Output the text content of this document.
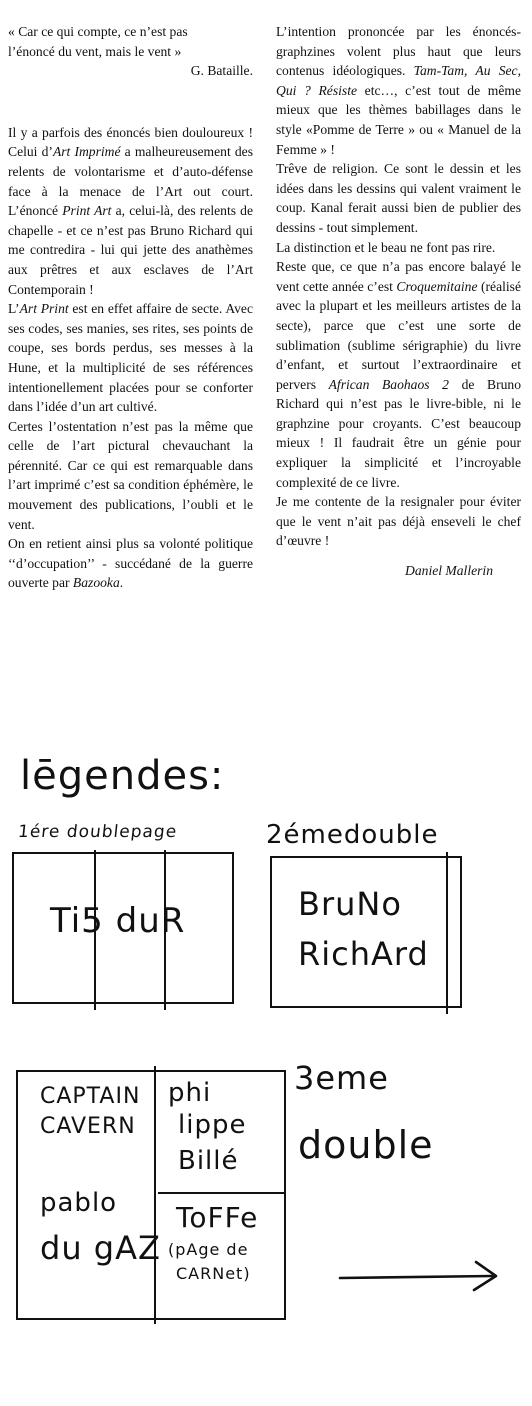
« Car ce qui compte, ce n’est pas

l’énoncé du vent, mais le vent »

G. Bataille.

Il y a parfois des énoncés bien douloureux ! Celui d’Art Imprimé a malheureusement des relents de volontarisme et d’auto-défense face à la menace de l’Art out court. L’énoncé Print Art a, celui-là, des relents de chapelle - et ce n’est pas Bruno Richard qui me contredira - lui qui jette des anathèmes aux prêtres et aux esclaves de l’Art Contemporain !

L’Art Print est en effet affaire de secte. Avec ses codes, ses manies, ses rites, ses points de coupe, ses bords perdus, ses messes à la Hune, et la multiplicité de ses références intentionellement placées pour se conforter dans l’idée d’un art cultivé.

Certes l’ostentation n’est pas la même que celle de l’art pictural chevauchant la pérennité. Car ce qui est remarquable dans l’art imprimé c’est sa condition éphémère, le mouvement des publications, l’oubli et le vent.

On en retient ainsi plus sa volonté politique ‘‘d’occupation’’ - succédané de la guerre ouverte par Bazooka.

L’intention prononcée par les énoncés-graphzines volent plus haut que leurs contenus idéologiques. Tam-Tam, Au Sec, Qui ? Résiste etc…, c’est tout de même mieux que les thèmes babillages dans le style «Pomme de Terre » ou « Manuel de la Femme » !

Trêve de religion. Ce sont le dessin et les idées dans les dessins qui valent vraiment le coup. Kanal ferait aussi bien de publier des dessins - tout simplement.

La distinction et le beau ne font pas rire.

Reste que, ce que n’a pas encore balayé le vent cette année c’est Croquemitaine (réalisé avec la plupart et les meilleurs artistes de la secte), parce que c’est une sorte de sublimation (sublime sérigraphie) du livre d’enfant, et surtout l’extraordinaire et pervers African Baohaos 2 de Bruno Richard qui n’est pas le livre-bible, ni le graphzine pour croyants. C’est beaucoup mieux ! Il faudrait être un génie pour expliquer la simplicité et l’incroyable complexité de ce livre.

Je me contente de la resignaler pour éviter que le vent n’ait pas déjà enseveli le chef d’œuvre !

Daniel Mallerin

lēgendes:
1ére doublepage
Ti5 duR
2émedouble
BruNo
RichArd
CAPTAIN
CAVERN
phi
lippe
Billé
pablo
du gAZ
ToFFe
(pAge de
CARNet)
3eme
double
